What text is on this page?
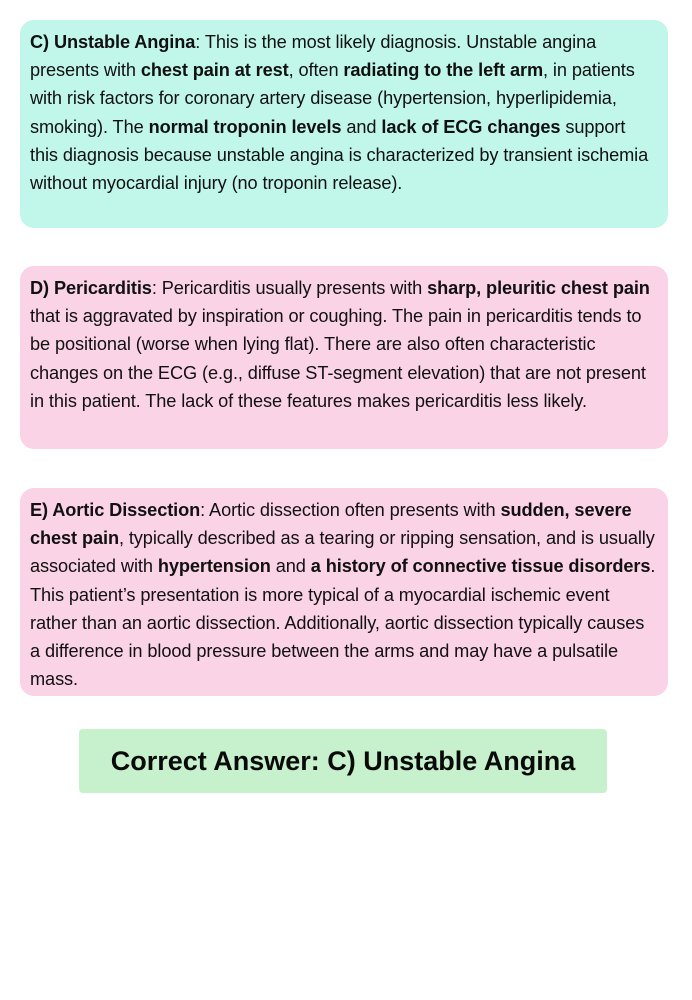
C) Unstable Angina: This is the most likely diagnosis. Unstable angina presents with chest pain at rest, often radiating to the left arm, in patients with risk factors for coronary artery disease (hypertension, hyperlipidemia, smoking). The normal troponin levels and lack of ECG changes support this diagnosis because unstable angina is characterized by transient ischemia without myocardial injury (no troponin release).

D) Pericarditis: Pericarditis usually presents with sharp, pleuritic chest pain that is aggravated by inspiration or coughing. The pain in pericarditis tends to be positional (worse when lying flat). There are also often characteristic changes on the ECG (e.g., diffuse ST-segment elevation) that are not present in this patient. The lack of these features makes pericarditis less likely.

E) Aortic Dissection: Aortic dissection often presents with sudden, severe chest pain, typically described as a tearing or ripping sensation, and is usually associated with hypertension and a history of connective tissue disorders. This patient’s presentation is more typical of a myocardial ischemic event rather than an aortic dissection. Additionally, aortic dissection typically causes a difference in blood pressure between the arms and may have a pulsatile mass.

Correct Answer: C) Unstable Angina
